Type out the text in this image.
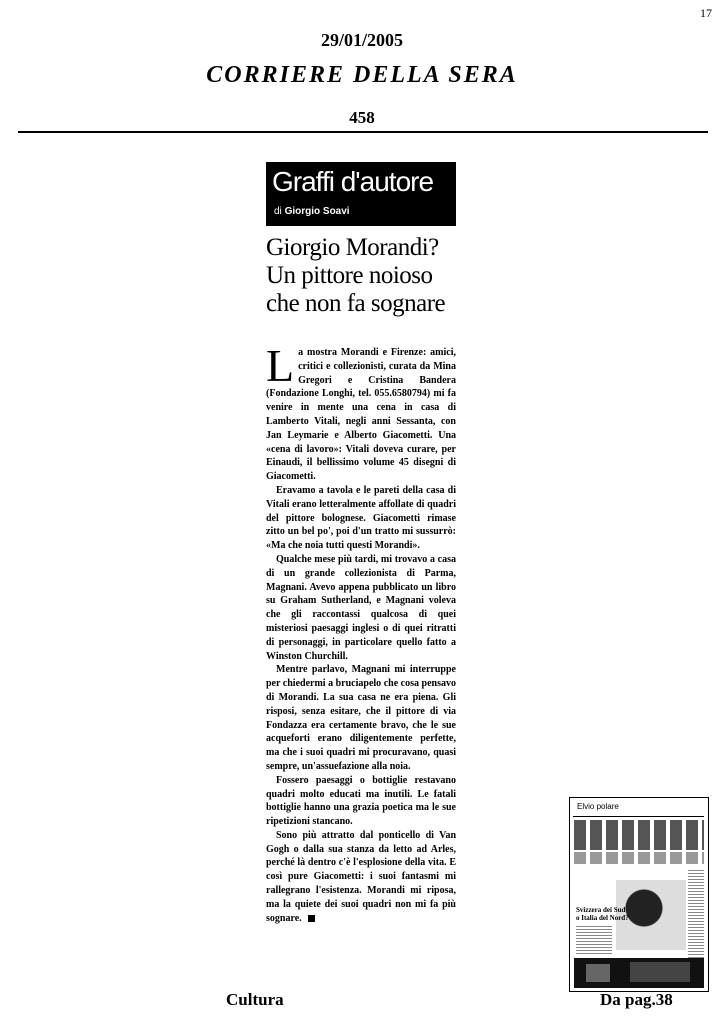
17
29/01/2005
CORRIERE DELLA SERA
458
Graffi d'autore
di Giorgio Soavi
Giorgio Morandi?
Un pittore noioso
che non fa sognare

La mostra Morandi e Firenze: amici, critici e collezionisti, curata da Mina Gregori e Cristina Bandera (Fondazione Longhi, tel. 055.6580794) mi fa venire in mente una cena in casa di Lamberto Vitali, negli anni Sessanta, con Jan Leymarie e Alberto Giacometti. Una «cena di lavoro»: Vitali doveva curare, per Einaudi, il bellissimo volume 45 disegni di Giacometti.

Eravamo a tavola e le pareti della casa di Vitali erano letteralmente affollate di quadri del pittore bolognese. Giacometti rimase zitto un bel po', poi d'un tratto mi sussurrò: «Ma che noia tutti questi Morandi».

Qualche mese più tardi, mi trovavo a casa di un grande collezionista di Parma, Magnani. Avevo appena pubblicato un libro su Graham Sutherland, e Magnani voleva che gli raccontassi qualcosa di quei misteriosi paesaggi inglesi o di quei ritratti di personaggi, in particolare quello fatto a Winston Churchill.

Mentre parlavo, Magnani mi interruppe per chiedermi a bruciapelo che cosa pensavo di Morandi. La sua casa ne era piena. Gli risposi, senza esitare, che il pittore di via Fondazza era certamente bravo, che le sue acqueforti erano diligentemente perfette, ma che i suoi quadri mi procuravano, quasi sempre, un'assuefazione alla noia.

Fossero paesaggi o bottiglie restavano quadri molto educati ma inutili. Le fatali bottiglie hanno una grazia poetica ma le sue ripetizioni stancano.

Sono più attratto dal ponticello di Van Gogh o dalla sua stanza da letto ad Arles, perché là dentro c'è l'esplosione della vita. E così pure Giacometti: i suoi fantasmi mi rallegrano l'esistenza. Morandi mi riposa, ma la quiete dei suoi quadri non mi fa più sognare.

Elvio polare
Svizzera dei Sud
o Italia del Nord?
Cultura	Da pag.38
